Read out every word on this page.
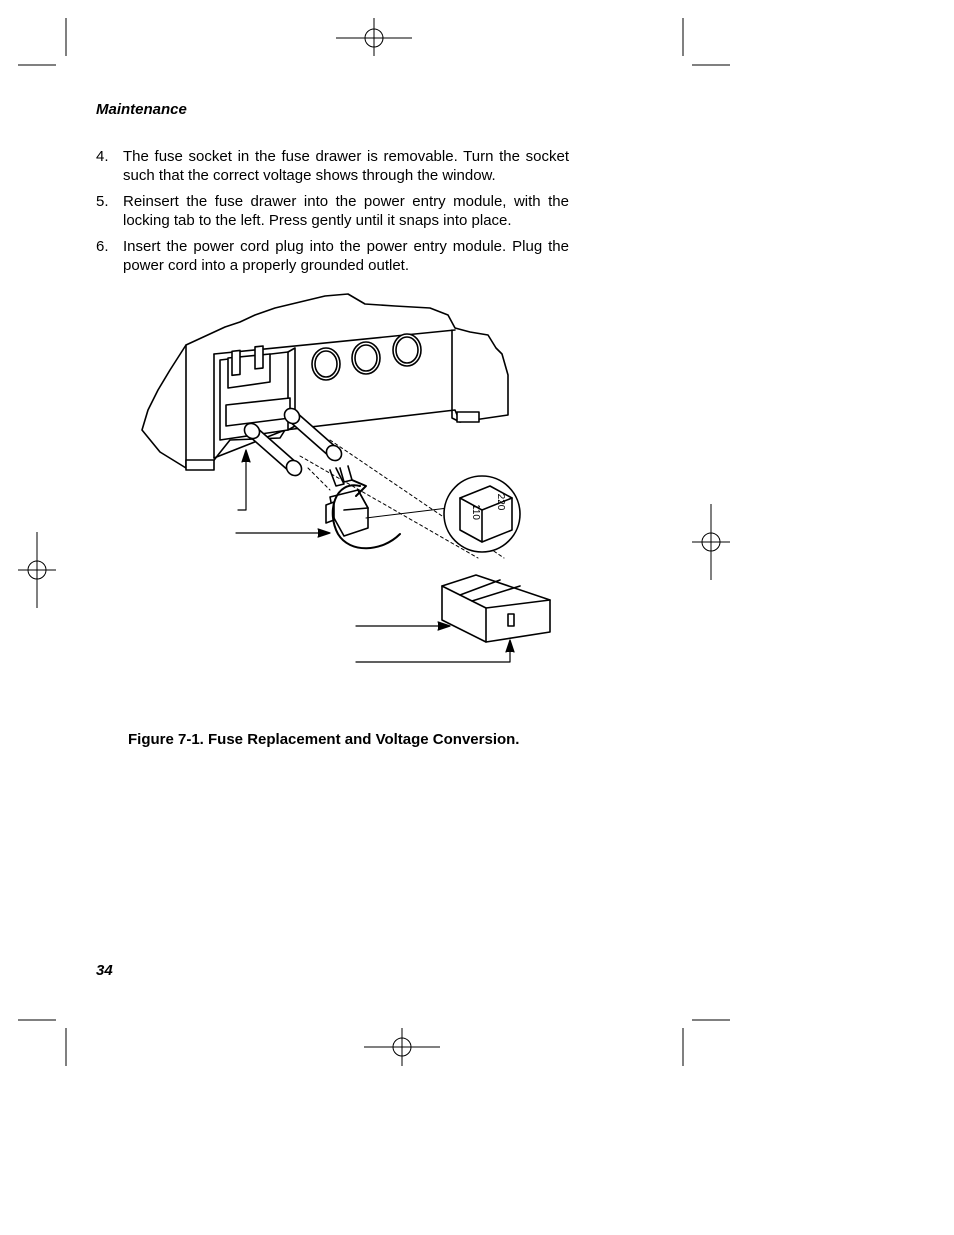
Maintenance
4. The fuse socket in the fuse drawer is removable. Turn the socket such that the correct voltage shows through the window.
5. Reinsert the fuse drawer into the power entry module, with the locking tab to the left. Press gently until it snaps into place.
6. Insert the power cord plug into the power entry module. Plug the power cord into a properly grounded outlet.
110
220
Figure 7-1. Fuse Replacement and Voltage Conversion.
34
